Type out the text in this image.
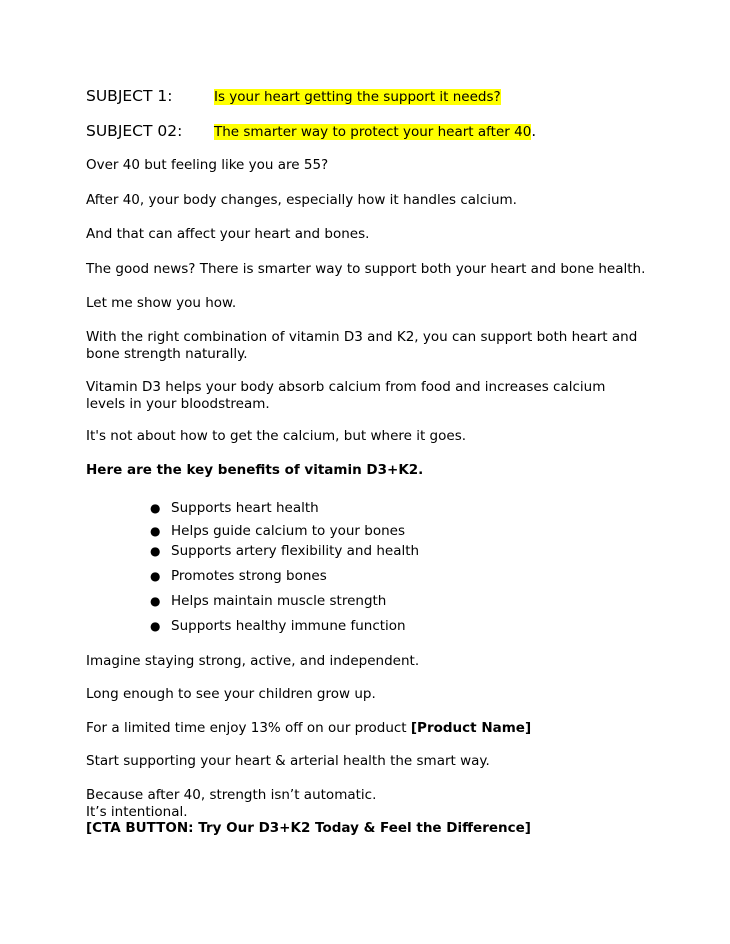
SUBJECT 1:	Is your heart getting the support it needs?
SUBJECT 02: The smarter way to protect your heart after 40.
Over 40 but feeling like you are 55?
After 40, your body changes, especially how it handles calcium.
And that can affect your heart and bones.
The good news? There is smarter way to support both your heart and bone health.
Let me show you how.
With the right combination of vitamin D3 and K2, you can support both heart and bone strength naturally.
Vitamin D3 helps your body absorb calcium from food and increases calcium levels in your bloodstream.
It's not about how to get the calcium, but where it goes.
Here are the key benefits of vitamin D3+K2.
● Supports heart health
● Helps guide calcium to your bones
● Supports artery flexibility and health
● Promotes strong bones
● Helps maintain muscle strength
● Supports healthy immune function
Imagine staying strong, active, and independent.
Long enough to see your children grow up.
For a limited time enjoy 13% off on our product [Product Name]
Start supporting your heart & arterial health the smart way.
Because after 40, strength isn’t automatic.
It’s intentional.
[CTA BUTTON: Try Our D3+K2 Today & Feel the Difference]
